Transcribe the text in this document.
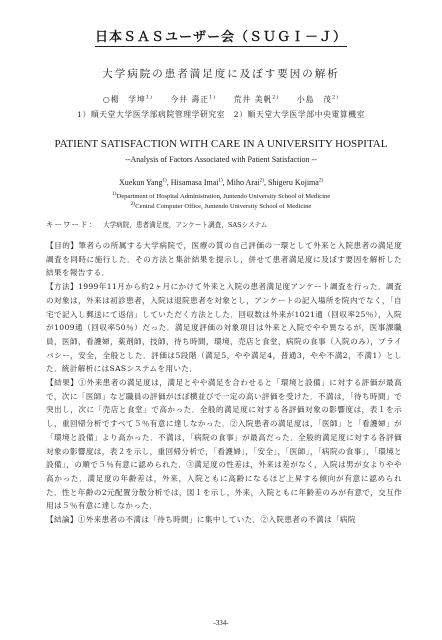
日本ＳＡＳユーザー会（ＳＵＧＩ－Ｊ）
大学病院の患者満足度に及ぼす要因の解析
○楊　学坤$^{1)}$ 今井 壽正$^{1)}$ 荒井 美帆$^{2)}$ 小島　茂$^{2)}$
1）順天堂大学医学部病院管理学研究室　2）順天堂大学医学部中央電算機室
PATIENT SATISFACTION WITH CARE IN A UNIVERSITY HOSPITAL
--Analysis of Factors Associated with Patient Satisfaction --
Xuekun Yang$^{1)}$, Hisamasa Imai$^{1)}$, Miho Arai$^{2)}$, Shigeru Kojima$^{2)}$
$^{1)}$Department of Hospital Administration, Juntendo University School of Medicine
$^{2)}$Central Computer Office, Juntendo University School of Medicine
キーワード： 大学病院，患者満足度，アンケート調査，SASシステム

【目的】筆者らの所属する大学病院で，医療の質の自己評価の一環として外来と入院患者の満足度調査を同時に施行した．その方法と集計結果を提示し，併せて患者満足度に及ぼす要因を解析した結果を報告する．

【方法】1999年11月から約2ヶ月にかけて外来と入院の患者満足度アンケート調査を行った．調査の対象は，外来は初診患者，入院は退院患者を対象とし，アンケートの記入場所を院内でなく，「自宅で記入し郵送にて返信」していただく方法とした．回収数は外来が1021通（回収率25％），入院が1009通（回収率50％）だった．満足度評価の対象項目は外来と入院でやや異なるが，医事課職員，医師，看護婦，薬剤師，技師，待ち時間，環境，売店と食堂，病院の食事（入院のみ），プライバシー，安全，全般とした．評価は5段階（満足5，やや満足4，普通3，やや不満2，不満1）とした．統計解析にはSASシステムを用いた．

【結果】①外来患者の満足度は，満足とやや満足を合わせると「環境と設備」に対する評価が最高で，次に「医師」など職員の評価がほぼ横並びで一定の高い評価を受けた．不満は，「待ち時間」で突出し，次に「売店と食堂」で高かった．全般的満足度に対する各評価対象の影響度は，表１を示し，重回帰分析ですべて５％有意に達しなかった．②入院患者の満足度は，「医師」と「看護婦」が「環境と設備」より高かった．不満は，「病院の食事」が最高だった．全般的満足度に対する各評価対象の影響度は，表２を示し，重回帰分析で，「看護婦」，「安全」，「医師」，「病院の食事」，「環境と設備」，の順で５％有意に認められた．③満足度の性差は，外来は差がなく，入院は男が女よりやや高かった．満足度の年齢差は，外来，入院ともに高齢になるほど上昇する傾向が有意に認められた．性と年齢の2元配置分散分析では，図１を示し，外来，入院ともに年齢差のみが有意で，交互作用は５％有意に達しなかった．

【結論】①外来患者の不満は「待ち時間」に集中していた．②入院患者の不満は「病院

-334-
